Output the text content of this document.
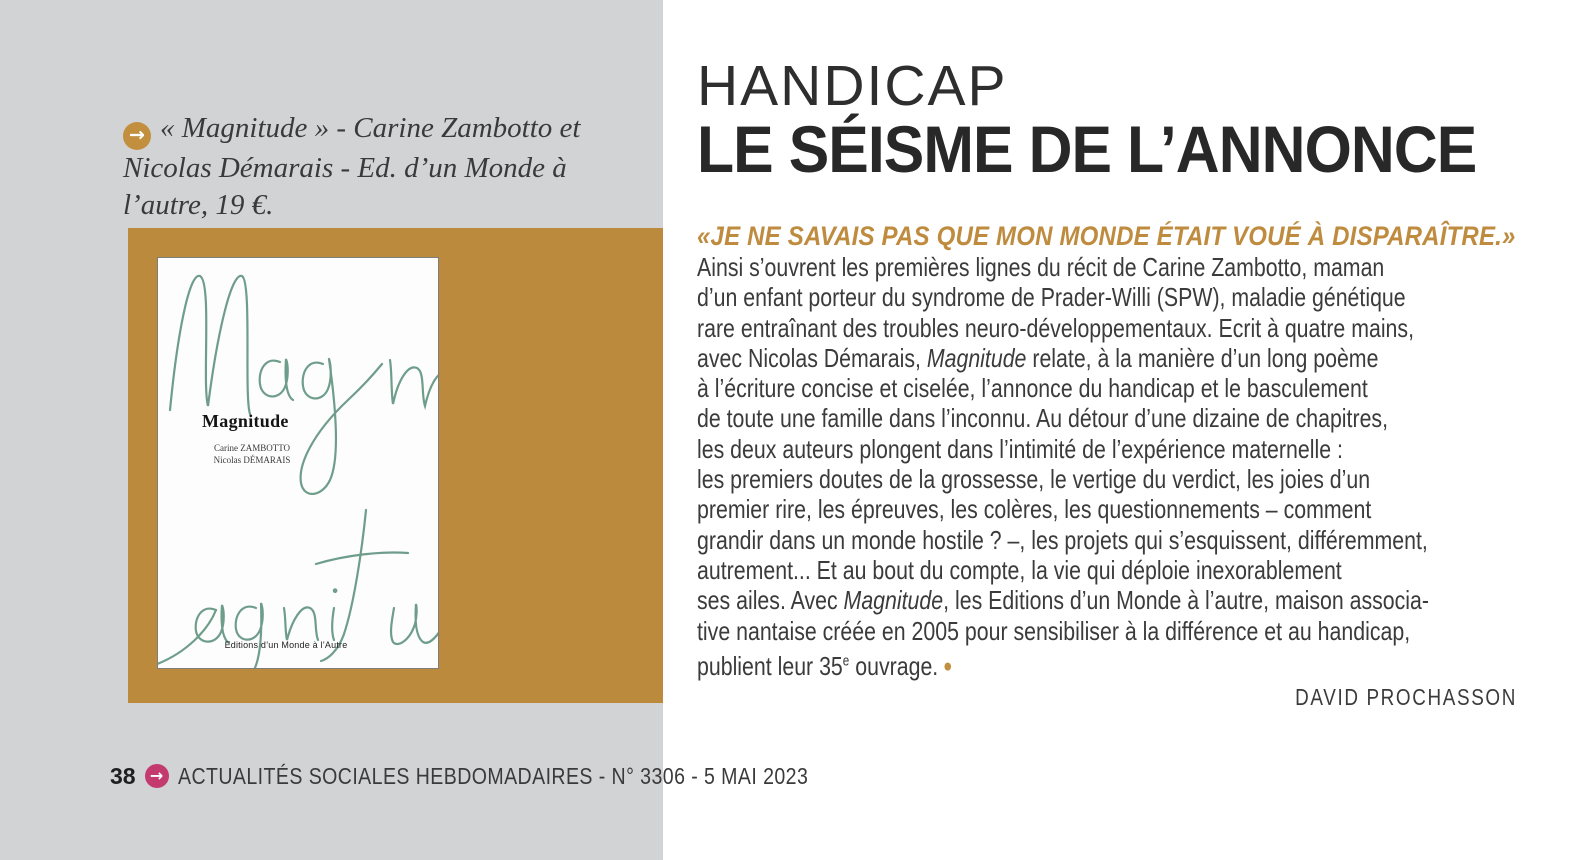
→ « Magnitude » - Carine Zambotto et
Nicolas Démarais - Ed. d’un Monde à
l’autre, 19 €.
Magnitude
Carine ZAMBOTTO
Nicolas DÉMARAIS
Editions d’un Monde à l’Autre
HANDICAP
LE SÉISME DE L’ANNONCE
«JE NE SAVAIS PAS QUE MON MONDE ÉTAIT VOUÉ À DISPARAÎTRE.»
Ainsi s’ouvrent les premières lignes du récit de Carine Zambotto, maman
d’un enfant porteur du syndrome de Prader-Willi (SPW), maladie génétique
rare entraînant des troubles neuro-développementaux. Ecrit à quatre mains,
avec Nicolas Démarais, Magnitude relate, à la manière d’un long poème
à l’écriture concise et ciselée, l’annonce du handicap et le basculement
de toute une famille dans l’inconnu. Au détour d’une dizaine de chapitres,
les deux auteurs plongent dans l’intimité de l’expérience maternelle :
les premiers doutes de la grossesse, le vertige du verdict, les joies d’un
premier rire, les épreuves, les colères, les questionnements – comment
grandir dans un monde hostile ? –, les projets qui s’esquissent, différemment,
autrement... Et au bout du compte, la vie qui déploie inexorablement
ses ailes. Avec Magnitude, les Editions d’un Monde à l’autre, maison associa-
tive nantaise créée en 2005 pour sensibiliser à la différence et au handicap,
publient leur 35e ouvrage. ●
DAVID PROCHASSON
38 → ACTUALITÉS SOCIALES HEBDOMADAIRES - N° 3306 - 5 MAI 2023
